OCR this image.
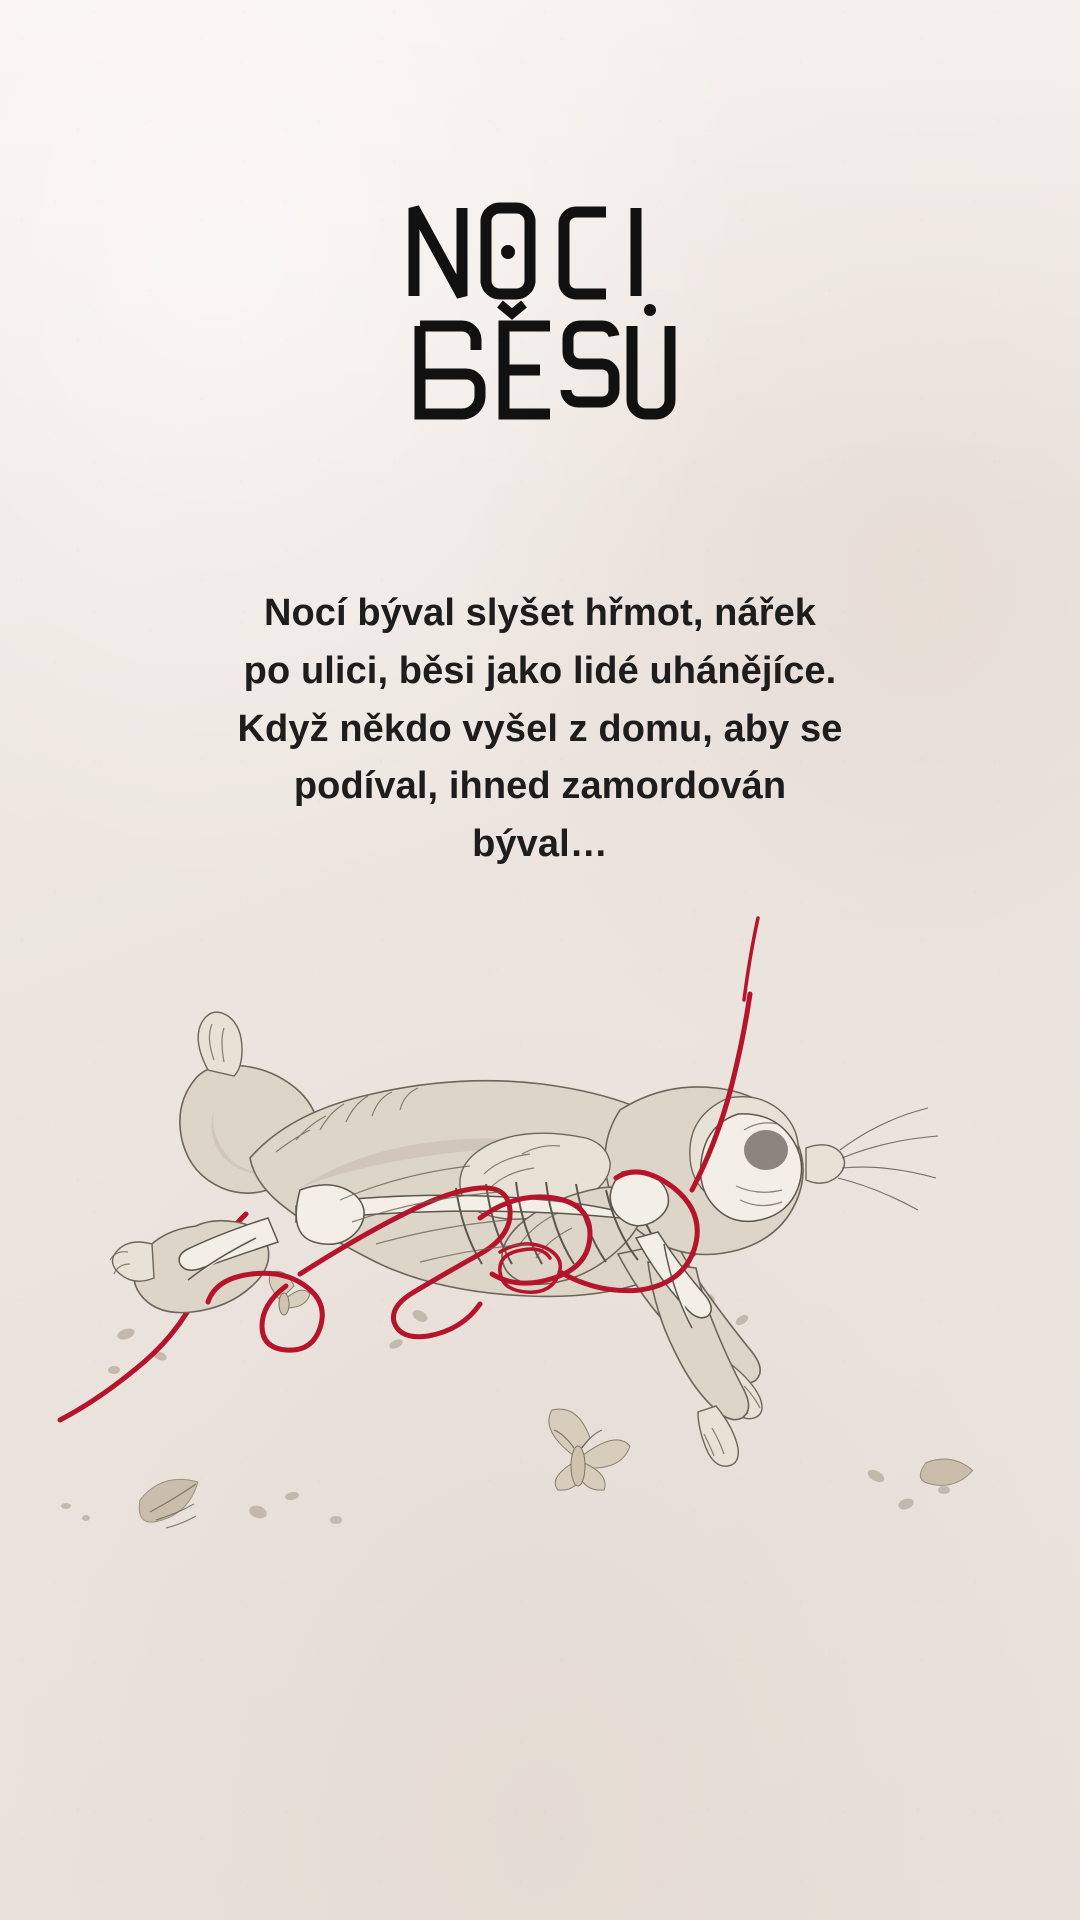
Nocí býval slyšet hřmot, nářek
po ulici, běsi jako lidé uhánějíce.
Když někdo vyšel z domu, aby se
podíval, ihned zamordován
býval…
